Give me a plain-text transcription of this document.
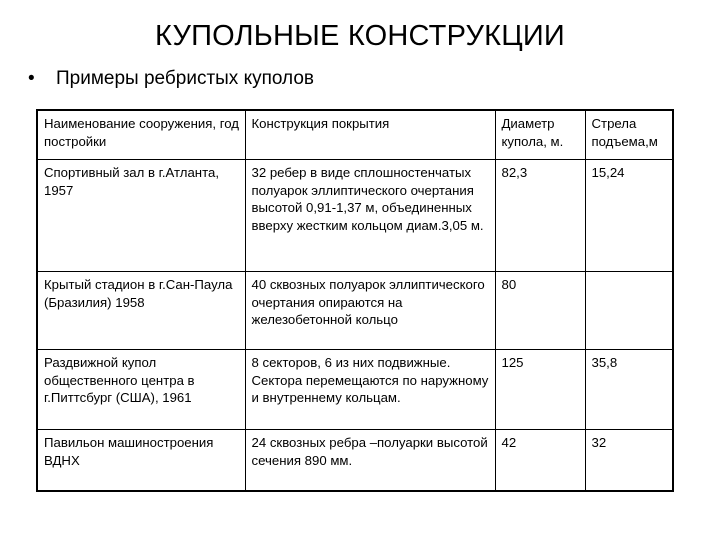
КУПОЛЬНЫЕ КОНСТРУКЦИИ
•	Примеры ребристых куполов
Наименование сооружения, год постройки	Конструкция покрытия	Диаметр купола, м.	Стрела подъема,м
Спортивный зал в г.Атланта, 1957	32 ребер в виде сплошностенчатых полуарок эллиптического очертания высотой 0,91-1,37 м, объединенных вверху жестким кольцом диам.3,05 м.	82,3	15,24
Крытый стадион в г.Сан-Паула (Бразилия) 1958	40 сквозных полуарок эллиптического очертания опираются на железобетонной кольцо	80	
Раздвижной купол общественного центра в г.Питтсбург (США), 1961	8 секторов, 6 из них подвижные. Сектора перемещаются по наружному и внутреннему кольцам.	125	35,8
Павильон машиностроения ВДНХ	24 сквозных ребра –полуарки высотой сечения 890 мм.	42	32
